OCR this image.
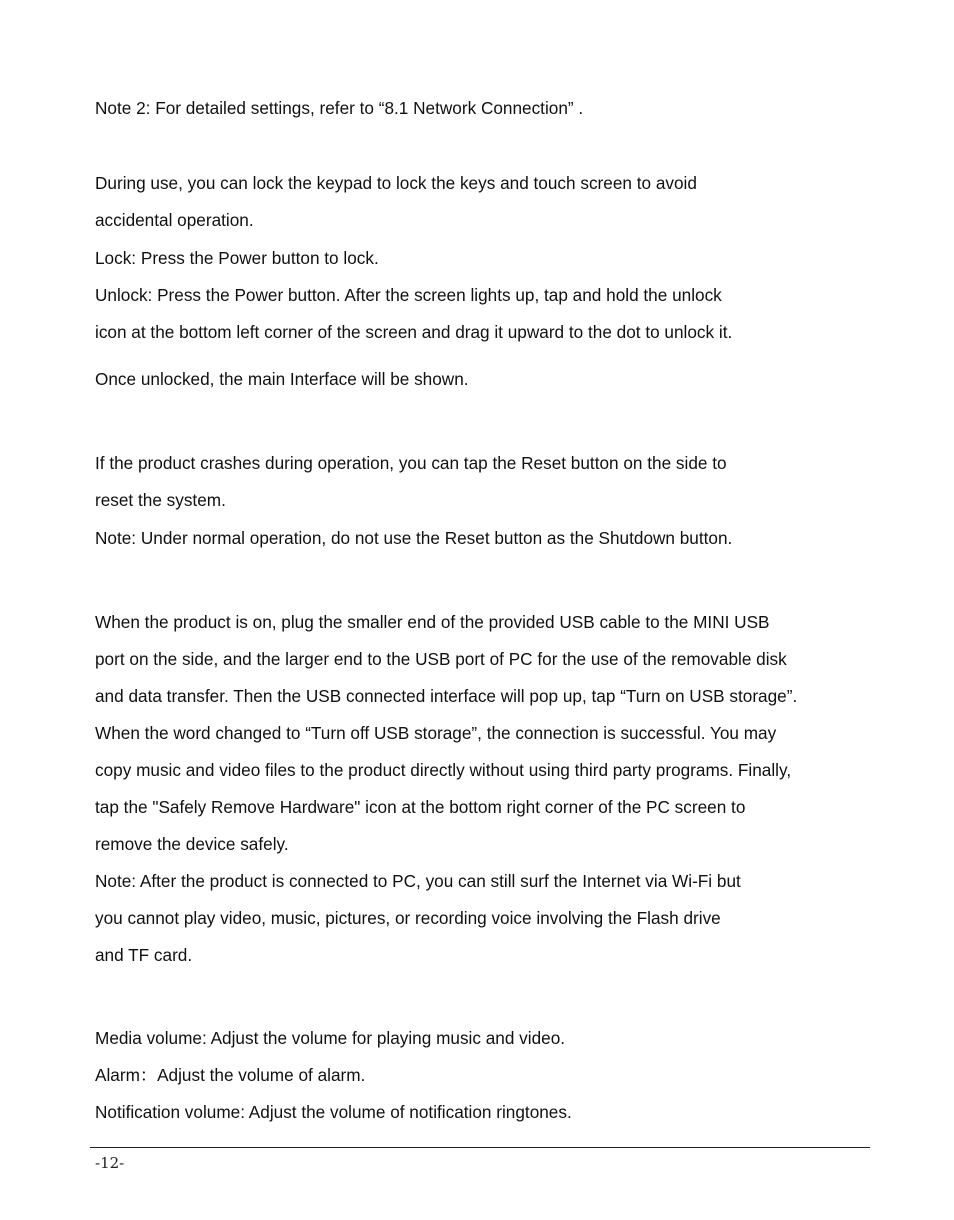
Note 2: For detailed settings, refer to “8.1 Network Connection” .

During use, you can lock the keypad to lock the keys and touch screen to avoid

accidental operation.

Lock: Press the Power button to lock.

Unlock: Press the Power button. After the screen lights up, tap and hold the unlock

icon at the bottom left corner of the screen and drag it upward to the dot to unlock it.

Once unlocked, the main Interface will be shown.

If the product crashes during operation, you can tap the Reset button on the side to

reset the system.

Note: Under normal operation, do not use the Reset button as the Shutdown button.

When the product is on, plug the smaller end of the provided USB cable to the MINI USB

port on the side, and the larger end to the USB port of PC for the use of the removable disk

and data transfer. Then the USB connected interface will pop up, tap “Turn on USB storage”.

When the word changed to “Turn off USB storage”, the connection is successful. You may

copy music and video files to the product directly without using third party programs. Finally,

tap the "Safely Remove Hardware" icon at the bottom right corner of the PC screen to

remove the device safely.

Note: After the product is connected to PC, you can still surf the Internet via Wi-Fi but

you cannot play video, music, pictures, or recording voice involving the Flash drive

and TF card.

Media volume: Adjust the volume for playing music and video.

Alarm：Adjust the volume of alarm.

Notification volume: Adjust the volume of notification ringtones.

-12-
